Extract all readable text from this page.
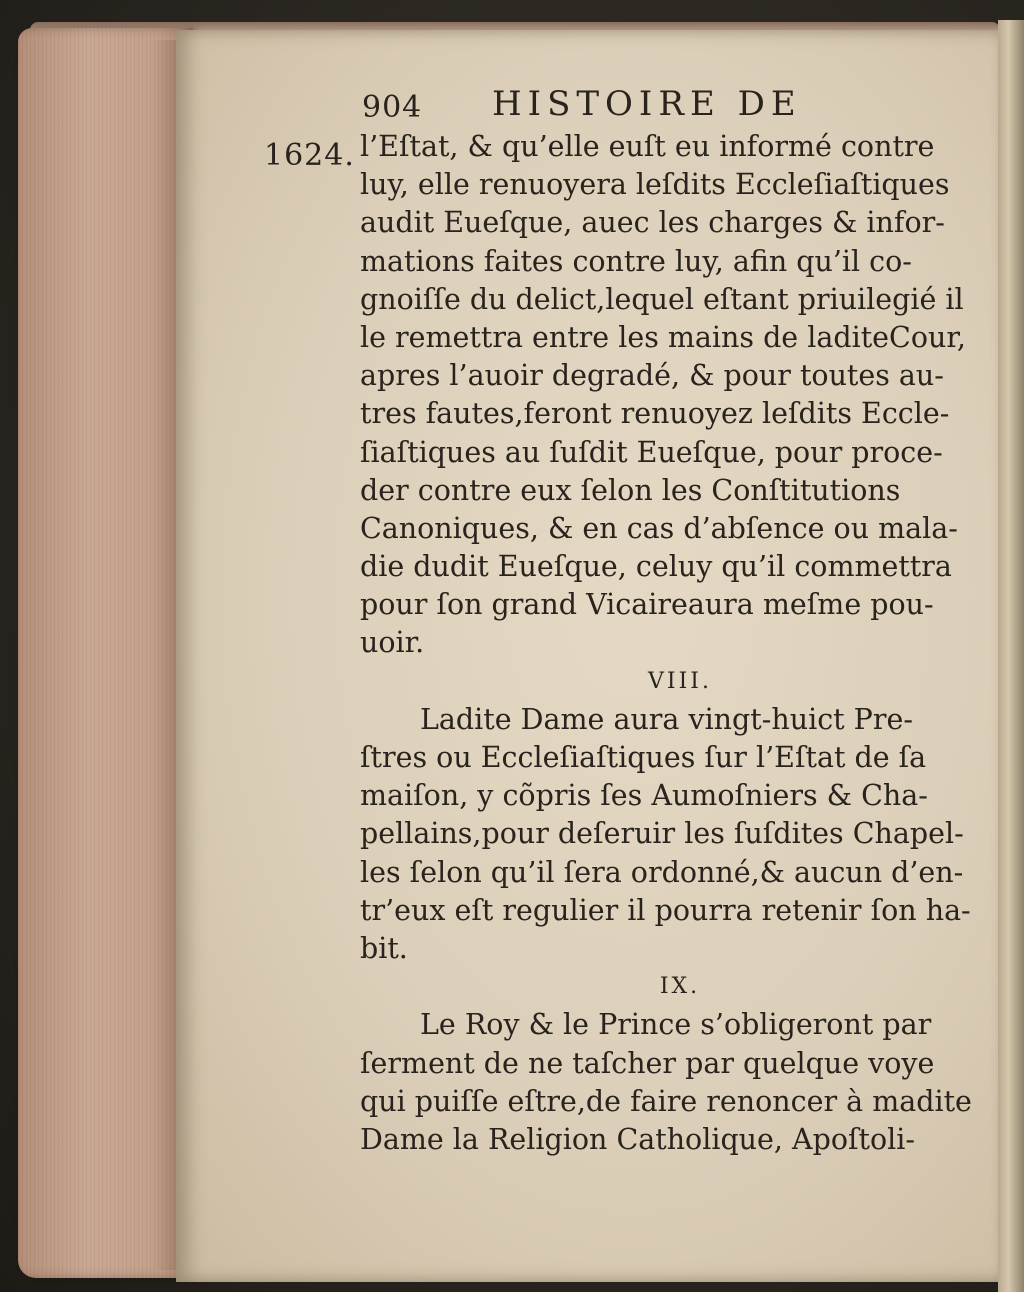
904 HISTOIRE DE
1624. l’Eſtat, & qu’elle euſt eu informé contre
luy, elle renuoyera leſdits Eccleſiaſtiques
audit Eueſque, auec les charges & infor-
mations faites contre luy, afin qu’il co-
gnoiſſe du delict,lequel eſtant priuilegié il
le remettra entre les mains de laditeCour,
apres l’auoir degradé, & pour toutes au-
tres fautes,feront renuoyez leſdits Eccle-
ſiaſtiques au ſuſdit Eueſque, pour proce-
der contre eux ſelon les Conſtitutions
Canoniques, & en cas d’abſence ou mala-
die dudit Eueſque, celuy qu’il commettra
pour ſon grand Vicaireaura meſme pou-
uoir.
VIII.
Ladite Dame aura vingt-huict Pre-
ſtres ou Eccleſiaſtiques ſur l’Eſtat de ſa
maiſon, y cõpris ſes Aumoſniers & Cha-
pellains,pour deſeruir les ſuſdites Chapel-
les ſelon qu’il ſera ordonné,& aucun d’en-
tr’eux eſt regulier il pourra retenir ſon ha-
bit.
IX.
Le Roy & le Prince s’obligeront par
ſerment de ne taſcher par quelque voye
qui puiſſe eſtre,de faire renoncer à madite
Dame la Religion Catholique, Apoſtoli-
